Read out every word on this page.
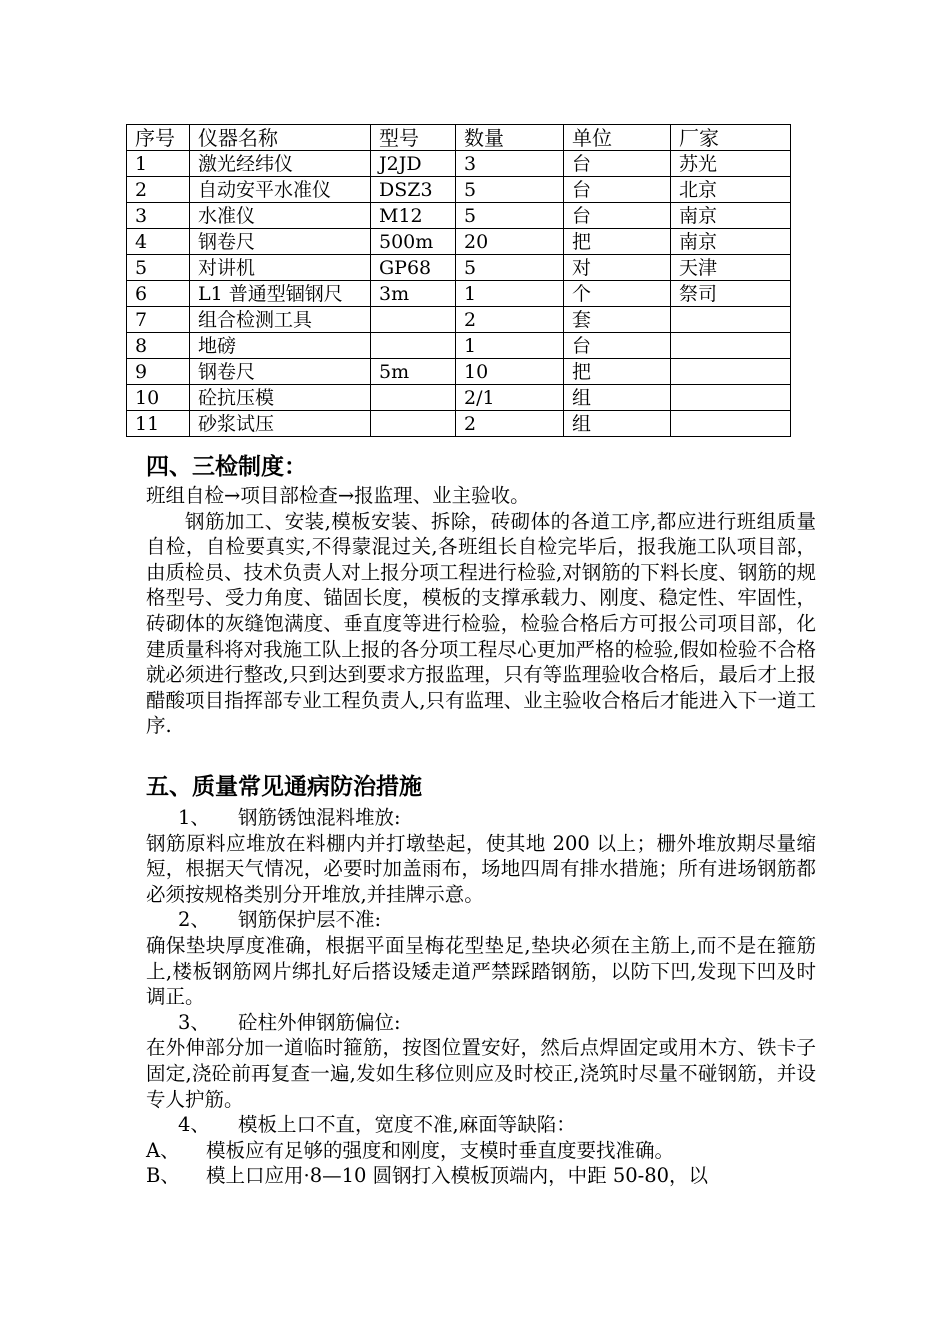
序号	仪器名称	型号	数量	单位	厂家
1	激光经纬仪	J2JD	3	台	苏光
2	自动安平水准仪	DSZ3	5	台	北京
3	水准仪	M12	5	台	南京
4	钢卷尺	500m	20	把	南京
5	对讲机	GP68	5	对	天津
6	L1 普通型锢钢尺	3m	1	个	祭司
7	组合检测工具		2	套	
8	地磅		1	台	
9	钢卷尺	5m	10	把	
10	砼抗压模		2/1	组	
11	砂浆试压		2	组	
四、三检制度：

班组自检→项目部检查→报监理、业主验收。

钢筋加工、安装,模板安装、拆除，砖砌体的各道工序,都应进行班组质量自检，自检要真实,不得蒙混过关,各班组长自检完毕后，报我施工队项目部，由质检员、技术负责人对上报分项工程进行检验,对钢筋的下料长度、钢筋的规格型号、受力角度、锚固长度，模板的支撑承载力、刚度、稳定性、牢固性，砖砌体的灰缝饱满度、垂直度等进行检验，检验合格后方可报公司项目部，化建质量科将对我施工队上报的各分项工程尽心更加严格的检验,假如检验不合格就必须进行整改,只到达到要求方报监理，只有等监理验收合格后，最后才上报醋酸项目指挥部专业工程负责人,只有监理、业主验收合格后才能进入下一道工序.

五、质量常见通病防治措施
1、	钢筋锈蚀混料堆放:

钢筋原料应堆放在料棚内并打墩垫起，使其地 200 以上；栅外堆放期尽量缩短，根据天气情况，必要时加盖雨布，场地四周有排水措施；所有进场钢筋都必须按规格类别分开堆放,并挂牌示意。

2、	钢筋保护层不准:

确保垫块厚度准确，根据平面呈梅花型垫足,垫块必须在主筋上,而不是在箍筋上,楼板钢筋网片绑扎好后搭设矮走道严禁踩踏钢筋，以防下凹,发现下凹及时调正。

3、	砼柱外伸钢筋偏位:

在外伸部分加一道临时箍筋，按图位置安好，然后点焊固定或用木方、铁卡子固定,浇砼前再复查一遍,发如生移位则应及时校正,浇筑时尽量不碰钢筋，并设专人护筋。

4、	模板上口不直，宽度不准,麻面等缺陷：
A、	模板应有足够的强度和刚度，支模时垂直度要找准确。
B、	模上口应用·8—10 圆钢打入模板顶端内，中距 50-80，以
